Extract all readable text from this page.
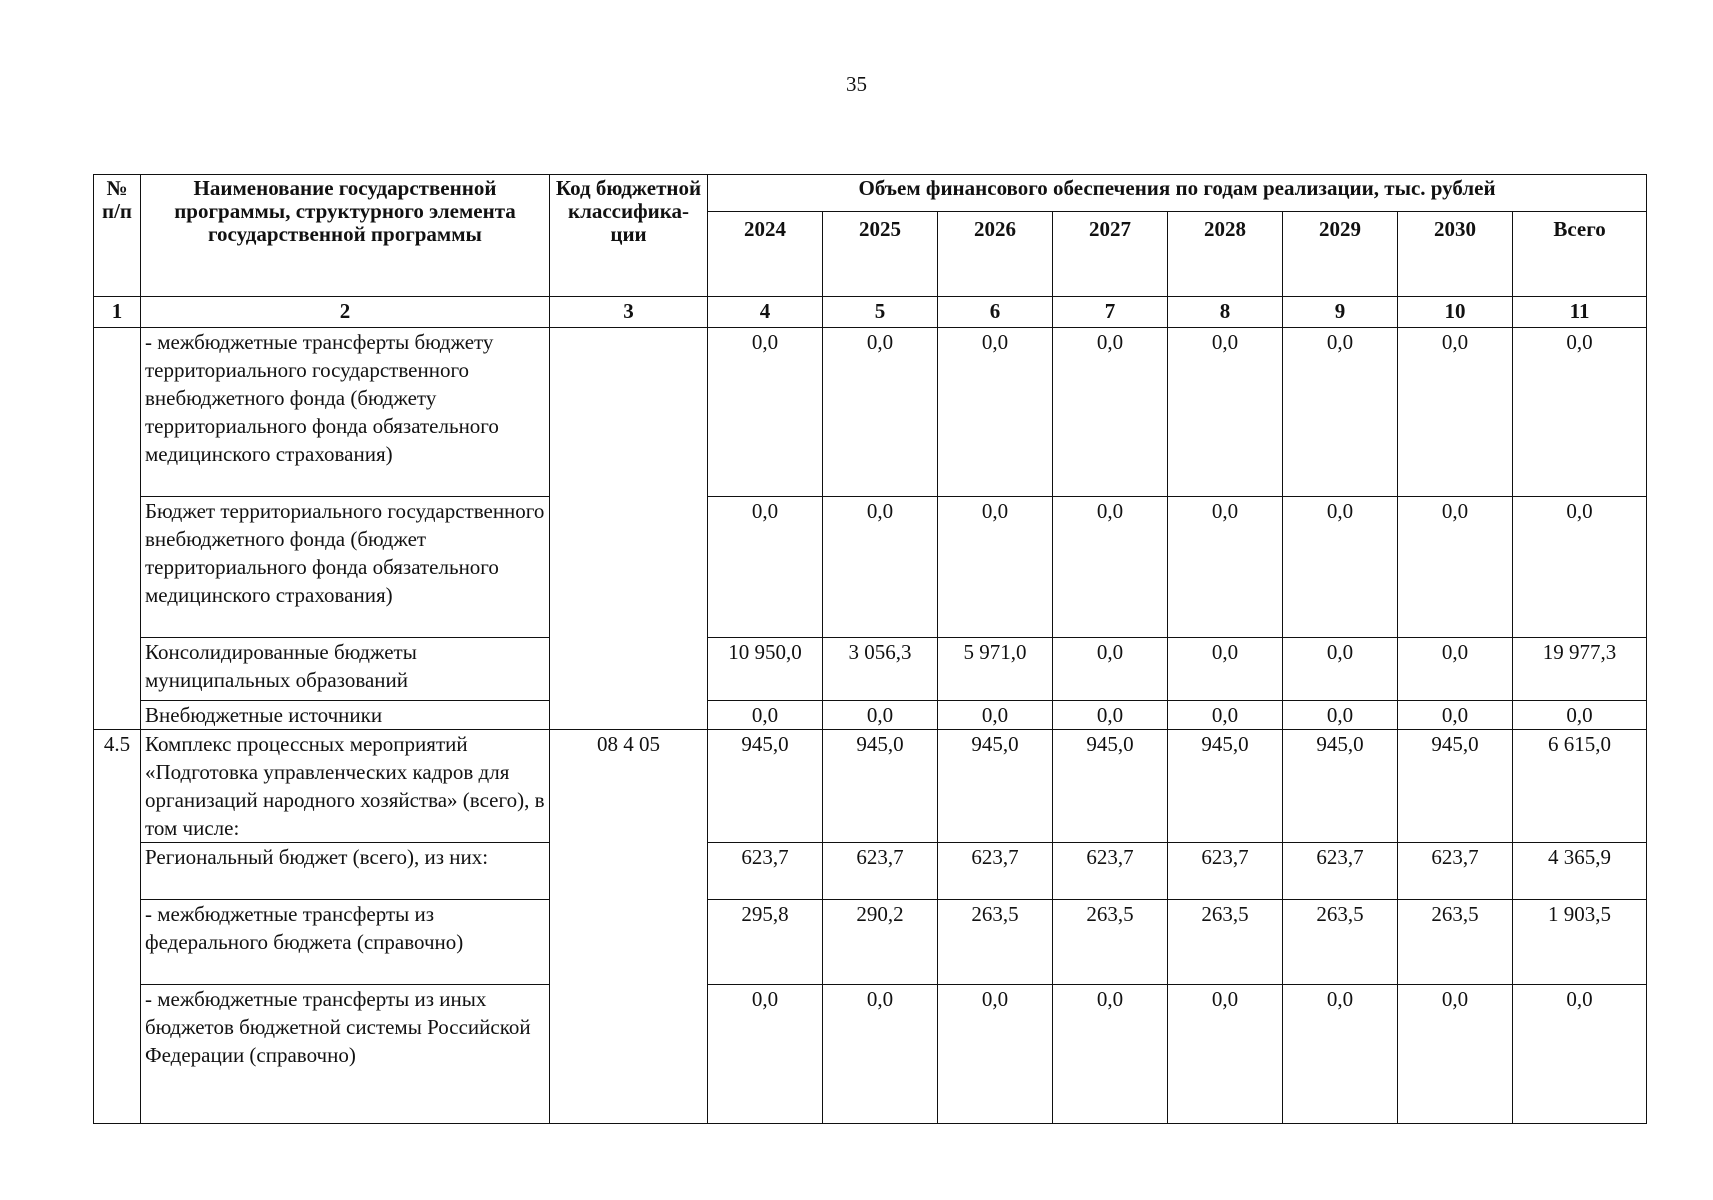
35
№ п/п	Наименование государственной программы, структурного элемента государственной программы	Код бюджетной классифика-ции	Объем финансового обеспечения по годам реализации, тыс. рублей							
			2024	2025	2026	2027	2028	2029	2030	Всего
1	2	3	4	5	6	7	8	9	10	11
	- межбюджетные трансферты бюджету территориального государственного внебюджетного фонда (бюджету территориального фонда обязательного медицинского страхования)		0,0	0,0	0,0	0,0	0,0	0,0	0,0	0,0
	Бюджет территориального государственного внебюджетного фонда (бюджет территориального фонда обязательного медицинского страхования)		0,0	0,0	0,0	0,0	0,0	0,0	0,0	0,0
	Консолидированные бюджеты муниципальных образований		10 950,0	3 056,3	5 971,0	0,0	0,0	0,0	0,0	19 977,3
	Внебюджетные источники		0,0	0,0	0,0	0,0	0,0	0,0	0,0	0,0
4.5	Комплекс процессных мероприятий «Подготовка управленческих кадров для организаций народного хозяйства» (всего), в том числе:	08 4 05	945,0	945,0	945,0	945,0	945,0	945,0	945,0	6 615,0
	Региональный бюджет (всего), из них:		623,7	623,7	623,7	623,7	623,7	623,7	623,7	4 365,9
	- межбюджетные трансферты из федерального бюджета (справочно)		295,8	290,2	263,5	263,5	263,5	263,5	263,5	1 903,5
	- межбюджетные трансферты из иных бюджетов бюджетной системы Российской Федерации (справочно)		0,0	0,0	0,0	0,0	0,0	0,0	0,0	0,0
